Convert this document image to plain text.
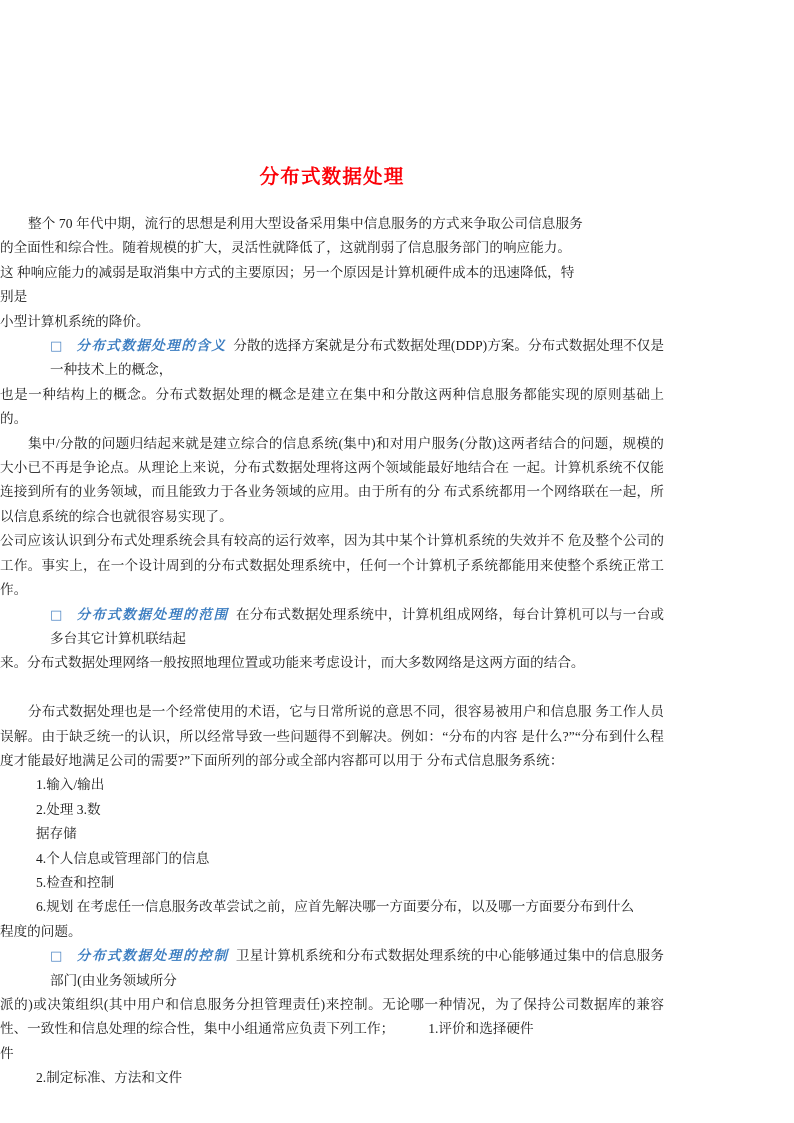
分布式数据处理

整个 70 年代中期，流行的思想是利用大型设备采用集中信息服务的方式来争取公司信息服务

的全面性和综合性。随着规模的扩大，灵活性就降低了，这就削弱了信息服务部门的响应能力。

这 种响应能力的减弱是取消集中方式的主要原因；另一个原因是计算机硬件成本的迅速降低，特

别是

小型计算机系统的降价。

□ 分布式数据处理的含义 分散的选择方案就是分布式数据处理(DDP)方案。分布式数据处理不仅是一种技术上的概念，

也是一种结构上的概念。分布式数据处理的概念是建立在集中和分散这两种信息服务都能实现的原则基础上的。

集中/分散的问题归结起来就是建立综合的信息系统(集中)和对用户服务(分散)这两者结合的问题，规模的大小已不再是争论点。从理论上来说，分布式数据处理将这两个领域能最好地结合在 一起。计算机系统不仅能连接到所有的业务领域，而且能致力于各业务领域的应用。由于所有的分 布式系统都用一个网络联在一起，所以信息系统的综合也就很容易实现了。

公司应该认识到分布式处理系统会具有较高的运行效率，因为其中某个计算机系统的失效并不 危及整个公司的工作。事实上，在一个设计周到的分布式数据处理系统中，任何一个计算机子系统都能用来使整个系统正常工作。

□ 分布式数据处理的范围 在分布式数据处理系统中，计算机组成网络，每台计算机可以与一台或多台其它计算机联结起

来。分布式数据处理网络一般按照地理位置或功能来考虑设计，而大多数网络是这两方面的结合。

分布式数据处理也是一个经常使用的术语，它与日常所说的意思不同，很容易被用户和信息服 务工作人员误解。由于缺乏统一的认识，所以经常导致一些问题得不到解决。例如：“分布的内容 是什么?”“分布到什么程度才能最好地满足公司的需要?”下面所列的部分或全部内容都可以用于 分布式信息服务系统：

1.输入/输出

2.处理 3.数

据存储

4.个人信息或管理部门的信息

5.检查和控制

6.规划 在考虑任一信息服务改革尝试之前，应首先解决哪一方面要分布，以及哪一方面要分布到什么

程度的问题。

□ 分布式数据处理的控制 卫星计算机系统和分布式数据处理系统的中心能够通过集中的信息服务部门(由业务领域所分

派的)或决策组织(其中用户和信息服务分担管理责任)来控制。无论哪一种情况，为了保持公司数据库的兼容性、一致性和信息处理的综合性，集中小组通常应负责下列工作；	1.评价和选择硬件

件

2.制定标准、方法和文件
